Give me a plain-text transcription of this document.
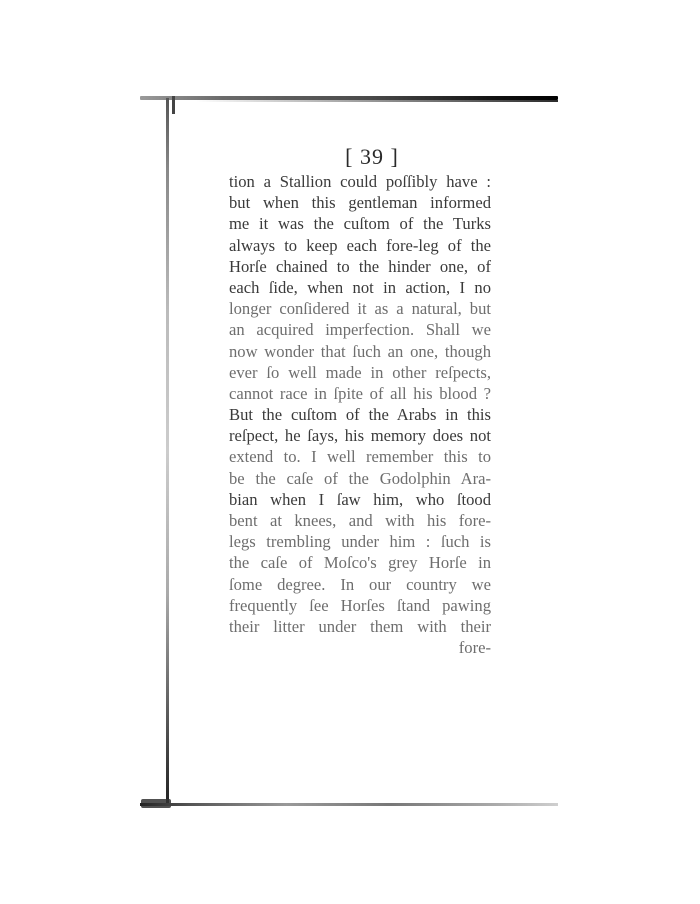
[ 39 ]
tion a Stallion could poſſibly have :
but when this gentleman informed
me it was the cuſtom of the Turks
always to keep each fore-leg of the
Horſe chained to the hinder one, of
each ſide, when not in action, I no
longer conſidered it as a natural, but
an acquired imperfection. Shall we
now wonder that ſuch an one, though
ever ſo well made in other reſpects,
cannot race in ſpite of all his blood ?
But the cuſtom of the Arabs in this
reſpect, he ſays, his memory does not
extend to. I well remember this to
be the caſe of the Godolphin Ara-
bian when I ſaw him, who ſtood
bent at knees, and with his fore-
legs trembling under him : ſuch is
the caſe of Moſco's grey Horſe in
ſome degree. In our country we
frequently ſee Horſes ſtand pawing
their litter under them with their
fore-
